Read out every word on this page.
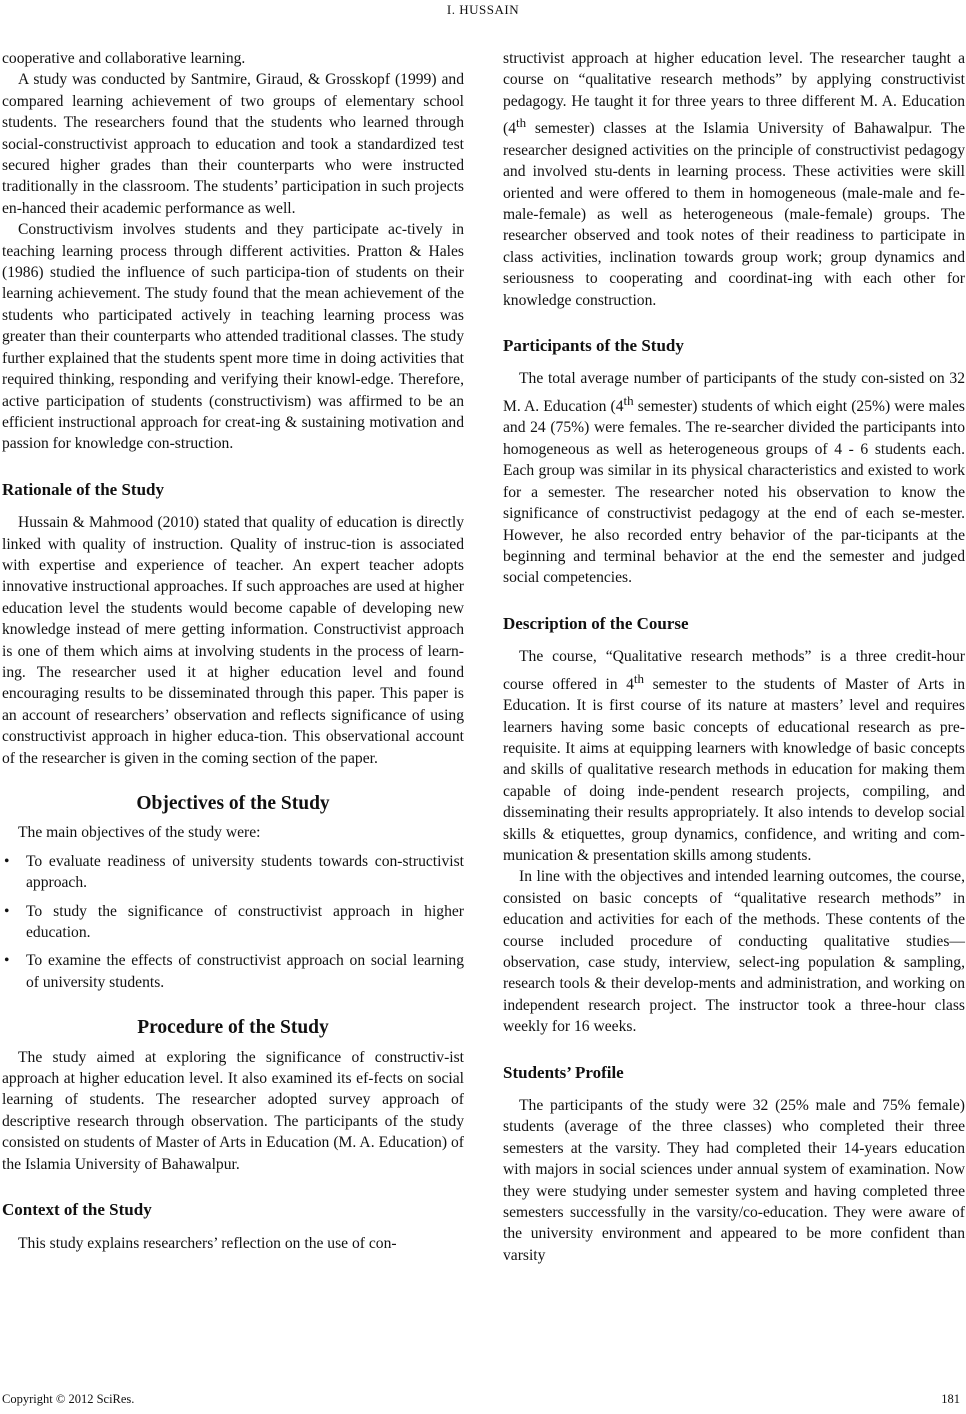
I. HUSSAIN

cooperative and collaborative learning.

A study was conducted by Santmire, Giraud, & Grosskopf (1999) and compared learning achievement of two groups of elementary school students. The researchers found that the students who learned through social-constructivist approach to education and took a standardized test secured higher grades than their counterparts who were instructed traditionally in the classroom. The students’ participation in such projects en-hanced their academic performance as well.

Constructivism involves students and they participate ac-tively in teaching learning process through different activities. Pratton & Hales (1986) studied the influence of such participa-tion of students on their learning achievement. The study found that the mean achievement of the students who participated actively in teaching learning process was greater than their counterparts who attended traditional classes. The study further explained that the students spent more time in doing activities that required thinking, responding and verifying their knowl-edge. Therefore, active participation of students (constructivism) was affirmed to be an efficient instructional approach for creat-ing & sustaining motivation and passion for knowledge con-struction.

Rationale of the Study

Hussain & Mahmood (2010) stated that quality of education is directly linked with quality of instruction. Quality of instruc-tion is associated with expertise and experience of teacher. An expert teacher adopts innovative instructional approaches. If such approaches are used at higher education level the students would become capable of developing new knowledge instead of mere getting information. Constructivist approach is one of them which aims at involving students in the process of learn-ing. The researcher used it at higher education level and found encouraging results to be disseminated through this paper. This paper is an account of researchers’ observation and reflects significance of using constructivist approach in higher educa-tion. This observational account of the researcher is given in the coming section of the paper.

Objectives of the Study

The main objectives of the study were:

• To evaluate readiness of university students towards con-structivist approach.
• To study the significance of constructivist approach in higher education.
• To examine the effects of constructivist approach on social learning of university students.
Procedure of the Study

The study aimed at exploring the significance of constructiv-ist approach at higher education level. It also examined its ef-fects on social learning of students. The researcher adopted survey approach of descriptive research through observation. The participants of the study consisted on students of Master of Arts in Education (M. A. Education) of the Islamia University of Bahawalpur.

Context of the Study

This study explains researchers’ reflection on the use of con-

structivist approach at higher education level. The researcher taught a course on “qualitative research methods” by applying constructivist pedagogy. He taught it for three years to three different M. A. Education (4th semester) classes at the Islamia University of Bahawalpur. The researcher designed activities on the principle of constructivist pedagogy and involved stu-dents in learning process. These activities were skill oriented and were offered to them in homogeneous (male-male and fe-male-female) as well as heterogeneous (male-female) groups. The researcher observed and took notes of their readiness to participate in class activities, inclination towards group work; group dynamics and seriousness to cooperating and coordinat-ing with each other for knowledge construction.

Participants of the Study

The total average number of participants of the study con-sisted on 32 M. A. Education (4th semester) students of which eight (25%) were males and 24 (75%) were females. The re-searcher divided the participants into homogeneous as well as heterogeneous groups of 4 - 6 students each. Each group was similar in its physical characteristics and existed to work for a semester. The researcher noted his observation to know the significance of constructivist pedagogy at the end of each se-mester. However, he also recorded entry behavior of the par-ticipants at the beginning and terminal behavior at the end the semester and judged social competencies.

Description of the Course

The course, “Qualitative research methods” is a three credit-hour course offered in 4th semester to the students of Master of Arts in Education. It is first course of its nature at masters’ level and requires learners having some basic concepts of educational research as pre-requisite. It aims at equipping learners with knowledge of basic concepts and skills of qualitative research methods in education for making them capable of doing inde-pendent research projects, compiling, and disseminating their results appropriately. It also intends to develop social skills & etiquettes, group dynamics, confidence, and writing and com-munication & presentation skills among students.

In line with the objectives and intended learning outcomes, the course, consisted on basic concepts of “qualitative research methods” in education and activities for each of the methods. These contents of the course included procedure of conducting qualitative studies—observation, case study, interview, select-ing population & sampling, research tools & their develop-ments and administration, and working on independent research project. The instructor took a three-hour class weekly for 16 weeks.

Students’ Profile

The participants of the study were 32 (25% male and 75% female) students (average of the three classes) who completed their three semesters at the varsity. They had completed their 14-years education with majors in social sciences under annual system of examination. Now they were studying under semester system and having completed three semesters successfully in the varsity/co-education. They were aware of the university environment and appeared to be more confident than varsity

Copyright © 2012 SciRes.	181
